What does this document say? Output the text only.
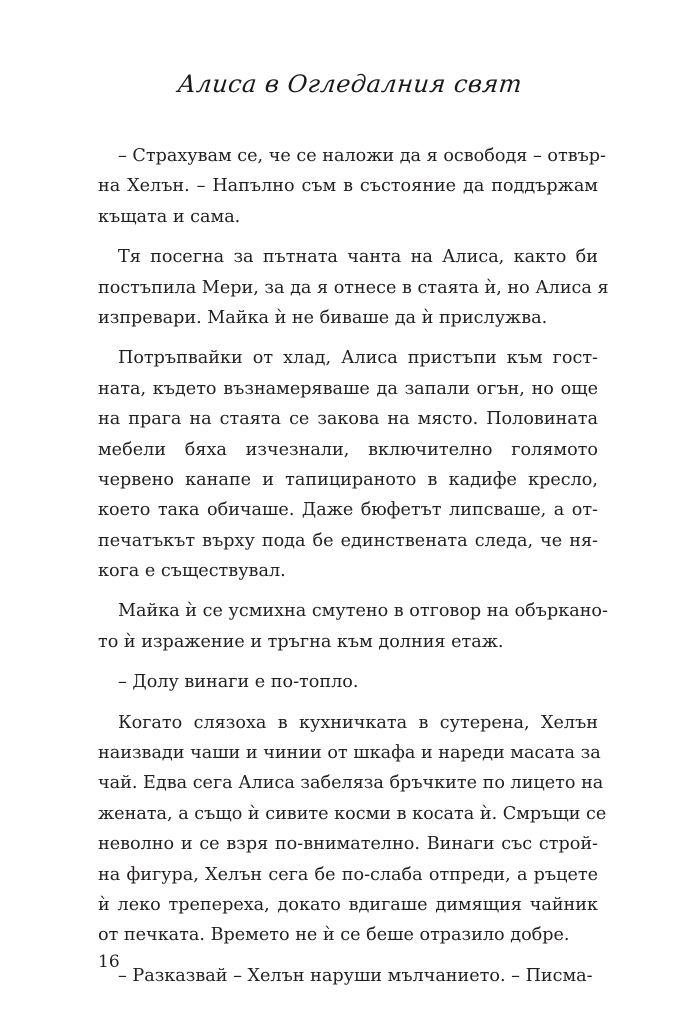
Алиса в Огледалния свят
– Страхувам се, че се наложи да я освободя – отвър-
на Хелън. – Напълно съм в състояние да поддържам
къщата и сама.
Тя посегна за пътната чанта на Алиса, както би
постъпила Мери, за да я отнесе в стаята ѝ, но Алиса я
изпревари. Майка ѝ не биваше да ѝ прислужва.
Потръпвайки от хлад, Алиса пристъпи към гост-
ната, където възнамеряваше да запали огън, но още
на прага на стаята се закова на място. Половината
мебели бяха изчезнали, включително голямото
червено канапе и тапицираното в кадифе кресло,
което така обичаше. Даже бюфетът липсваше, а от-
печатъкът върху пода бе единствената следа, че ня-
кога е съществувал.
Майка ѝ се усмихна смутено в отговор на объркано-
то ѝ изражение и тръгна към долния етаж.
– Долу винаги е по-топло.
Когато слязоха в кухничката в сутерена, Хелън
наизвади чаши и чинии от шкафа и нареди масата за
чай. Едва сега Алиса забеляза бръчките по лицето на
жената, а също ѝ сивите косми в косата ѝ. Смръщи се
неволно и се взря по-внимателно. Винаги със строй-
на фигура, Хелън сега бе по-слаба отпреди, а ръцете
ѝ леко трепереха, докато вдигаше димящия чайник
от печката. Времето не ѝ се беше отразило добре.
– Разказвай – Хелън наруши мълчанието. – Писма-
16
